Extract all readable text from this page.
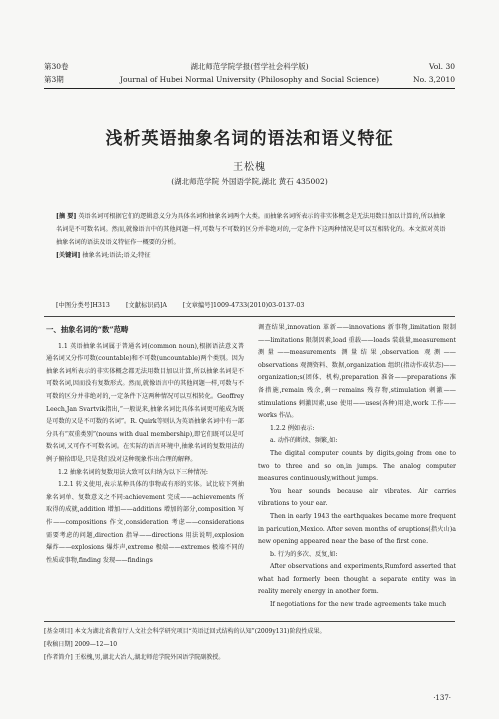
第30卷
第3期
湖北师范学院学报(哲学社会科学版)
Journal of Hubei Normal University (Philosophy and Social Science)
Vol. 30
No. 3,2010
浅析英语抽象名词的语法和语义特征
王松槐
(湖北师范学院 外国语学院,湖北 黄石 435002)
[摘 要] 英语名词可根据它们的逻辑意义分为具体名词和抽象名词两个大类。而抽象名词所表示的非实体概念是无法用数目加以计算的,所以抽象名词是不可数名词。然而,就像语言中的其他问题一样,可数与不可数的区分并非绝对的,一定条件下这两种情况是可以互相转化的。本文拟对英语抽象名词的语法及语义特征作一概要的分析。
[关键词] 抽象名词;语法;语义;特征
[中图分类号]H313	[文献标识码]A	[文章编号]1009-4733(2010)03-0137-03
一、抽象名词的“数”范畴

1.1 英语抽象名词属于普通名词(common noun),根据语法意义普通名词又分作可数(countable)和不可数(uncountable)两个类别。因为抽象名词所表示的非实体概念都无法用数目加以计算,所以抽象名词是不可数名词,因而没有复数形式。然而,就像语言中的其他问题一样,可数与不可数的区分并非绝对的,一定条件下这两种情况可以互相转化。Geoffrey Leech,Jan Svartvik指出,“一般说来,抽象名词比具体名词更可能成为既是可数的又是不可数的名词”。R. Quirk等则认为英语抽象名词中有一部分具有“双重类别”(nouns with dual membership),即它们既可以是可数名词,又可作不可数名词。在实际的语言环境中,抽象名词的复数用法的例子俯拾即是,只是我们没对这种现象作出合理的解释。

1.2 抽象名词的复数用法大致可以归纳为以下三种情况:

1.2.1 转义使用,表示某种具体的事物或有形的实体。试比较下列抽象名词单、复数意义之不同:achievement 完成——achievements 所取得的成就,addition 增加——additions 增加的部分,composition 写作——compositions 作文,consideration 考虑——considerations 需要考虑的问题,direction 指导——directions 用法说明,explosion 爆炸——explosions 爆炸声,extreme 极端——extremes 极端不同的性质或事物,finding 发现——findings

调查结果,innovation 革新——innovations 新事物,limitation 限制——limitations 限制因素,load 重载——loads 装载量,measurement 测量——measurements 测量结果,observation 观测——observations 观测资料、数据,organization 组织(指动作或状态)——organization;s(团体、机构,preparation 准备——preparations 准备措施,remain 残余,剩一remains 残存物,stimulation 刺激——stimulations 刺激因素,use 使用——uses(各种)用途,work 工作——works 作品。

1.2.2 例如表示:

a. 动作的断续、频繁,如:

The digital computer counts by digits,going from one to two to three and so on,in jumps. The analog computer measures continuously,without jumps.

You hear sounds because air vibrates. Air carries vibrations to your ear.

Then in early 1943 the earthquakes became more frequent in paricution,Mexico. After seven months of eruptions(指火山)a new opening appeared near the base of the first cone.

b. 行为的多次、反复,如:

After observations and experiments,Rumford asserted that what had formerly been thought a separate entity was in reality merely energy in another form.

If negotiations for the new trade agreements take much

[基金项目] 本文为湖北省教育厅人文社会科学研究项目“英语迂回式结构的认知”(2009y131)阶段性成果。
[收稿日期] 2009—12—10
[作者简介] 王松槐,男,湖北大冶人,湖北师范学院外国语学院副教授。
·137·
